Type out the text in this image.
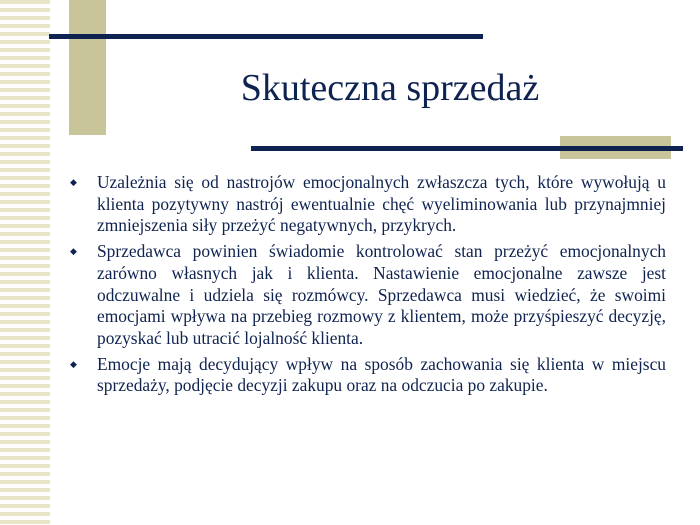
Skuteczna sprzedaż
◆	Uzależnia się od nastrojów emocjonalnych zwłaszcza tych, które wywołują u klienta pozytywny nastrój ewentualnie chęć wyeliminowania lub przynajmniej zmniejszenia siły przeżyć negatywnych, przykrych.
◆	Sprzedawca powinien świadomie kontrolować stan przeżyć emocjonalnych zarówno własnych jak i klienta. Nastawienie emocjonalne zawsze jest odczuwalne i udziela się rozmówcy. Sprzedawca musi wiedzieć, że swoimi emocjami wpływa na przebieg rozmowy z klientem, może przyśpieszyć decyzję, pozyskać lub utracić lojalność klienta.
◆	Emocje mają decydujący wpływ na sposób zachowania się klienta w miejscu sprzedaży, podjęcie decyzji zakupu oraz na odczucia po zakupie.
